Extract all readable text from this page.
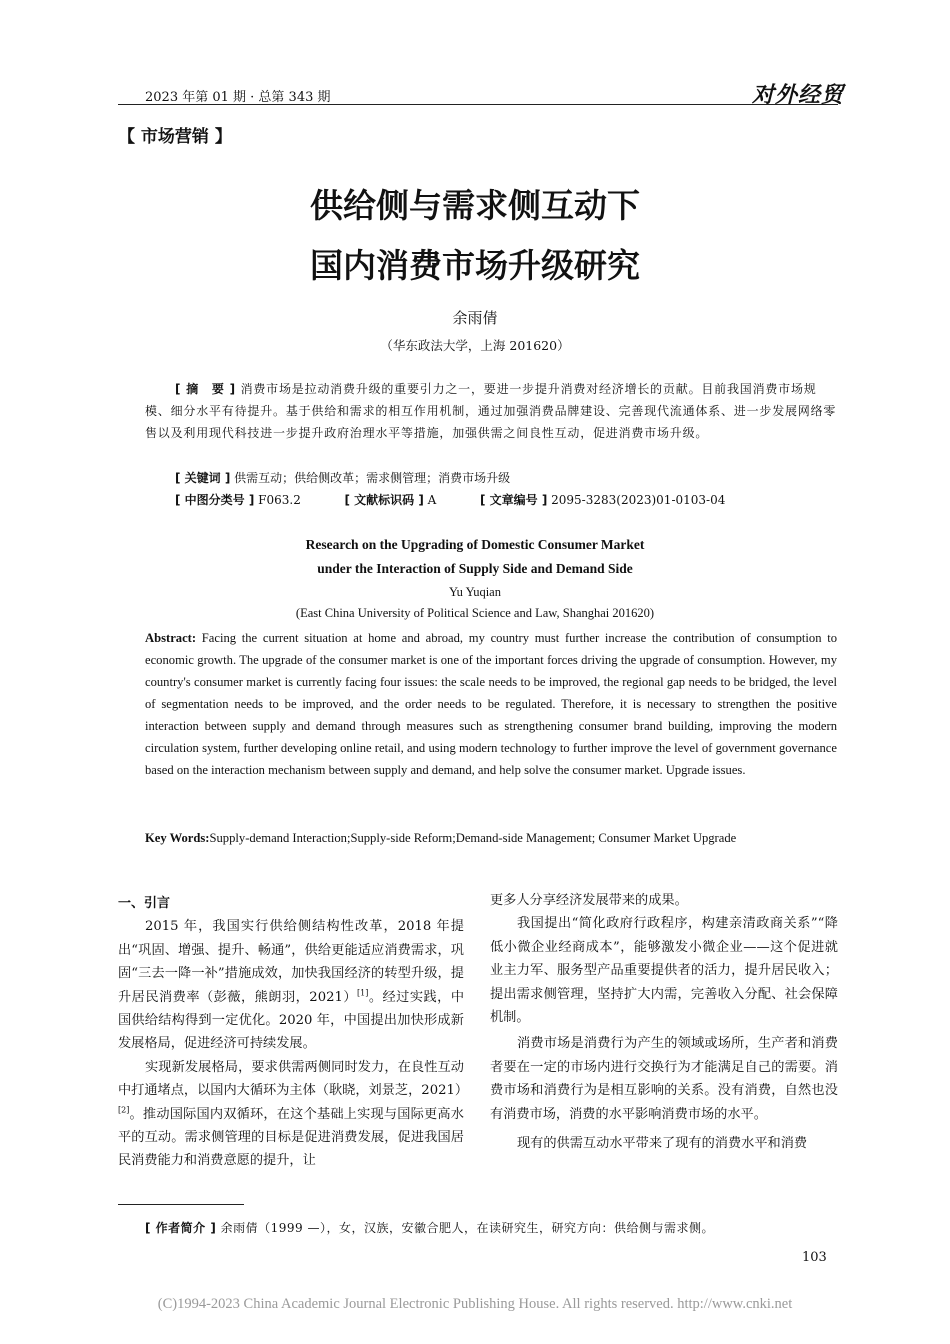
2023 年第 01 期 · 总第 343 期	对外经贸
【 市场营销 】
供给侧与需求侧互动下
国内消费市场升级研究
余雨倩
（华东政法大学，上海 201620）
[ 摘　要 ] 消费市场是拉动消费升级的重要引力之一，要进一步提升消费对经济增长的贡献。目前我国消费市场规模、细分水平有待提升。基于供给和需求的相互作用机制，通过加强消费品牌建设、完善现代流通体系、进一步发展网络零售以及利用现代科技进一步提升政府治理水平等措施，加强供需之间良性互动，促进消费市场升级。
[ 关键词 ] 供需互动；供给侧改革；需求侧管理；消费市场升级
[ 中图分类号 ] F063.2	[ 文献标识码 ] A	[ 文章编号 ] 2095-3283(2023)01-0103-04
Research on the Upgrading of Domestic Consumer Market
under the Interaction of Supply Side and Demand Side
Yu Yuqian
(East China University of Political Science and Law, Shanghai 201620)
Abstract: Facing the current situation at home and abroad, my country must further increase the contribution of consumption to economic growth. The upgrade of the consumer market is one of the important forces driving the upgrade of consumption. However, my country's consumer market is currently facing four issues: the scale needs to be improved, the regional gap needs to be bridged, the level of segmentation needs to be improved, and the order needs to be regulated. Therefore, it is necessary to strengthen the positive interaction between supply and demand through measures such as strengthening consumer brand building, improving the modern circulation system, further developing online retail, and using modern technology to further improve the level of government governance based on the interaction mechanism between supply and demand, and help solve the consumer market. Upgrade issues.
Key Words:Supply-demand Interaction;Supply-side Reform;Demand-side Management; Consumer Market Upgrade
一、引言

2015 年，我国实行供给侧结构性改革，2018 年提出“巩固、增强、提升、畅通”，供给更能适应消费需求，巩固“三去一降一补”措施成效，加快我国经济的转型升级，提升居民消费率（彭薇，熊朗羽，2021）[1]。经过实践，中国供给结构得到一定优化。2020 年，中国提出加快形成新发展格局，促进经济可持续发展。

实现新发展格局，要求供需两侧同时发力，在良性互动中打通堵点，以国内大循环为主体（耿晓，刘景芝，2021）[2]。推动国际国内双循环，在这个基础上实现与国际更高水平的互动。需求侧管理的目标是促进消费发展，促进我国居民消费能力和消费意愿的提升，让

更多人分享经济发展带来的成果。

我国提出“简化政府行政程序，构建亲清政商关系”“降低小微企业经商成本”，能够激发小微企业——这个促进就业主力军、服务型产品重要提供者的活力，提升居民收入；提出需求侧管理，坚持扩大内需，完善收入分配、社会保障机制。

消费市场是消费行为产生的领域或场所，生产者和消费者要在一定的市场内进行交换行为才能满足自己的需要。消费市场和消费行为是相互影响的关系。没有消费，自然也没有消费市场，消费的水平影响消费市场的水平。

现有的供需互动水平带来了现有的消费水平和消费

[ 作者简介 ] 余雨倩（1999 —），女，汉族，安徽合肥人，在读研究生，研究方向：供给侧与需求侧。
103
(C)1994-2023 China Academic Journal Electronic Publishing House. All rights reserved. http://www.cnki.net
